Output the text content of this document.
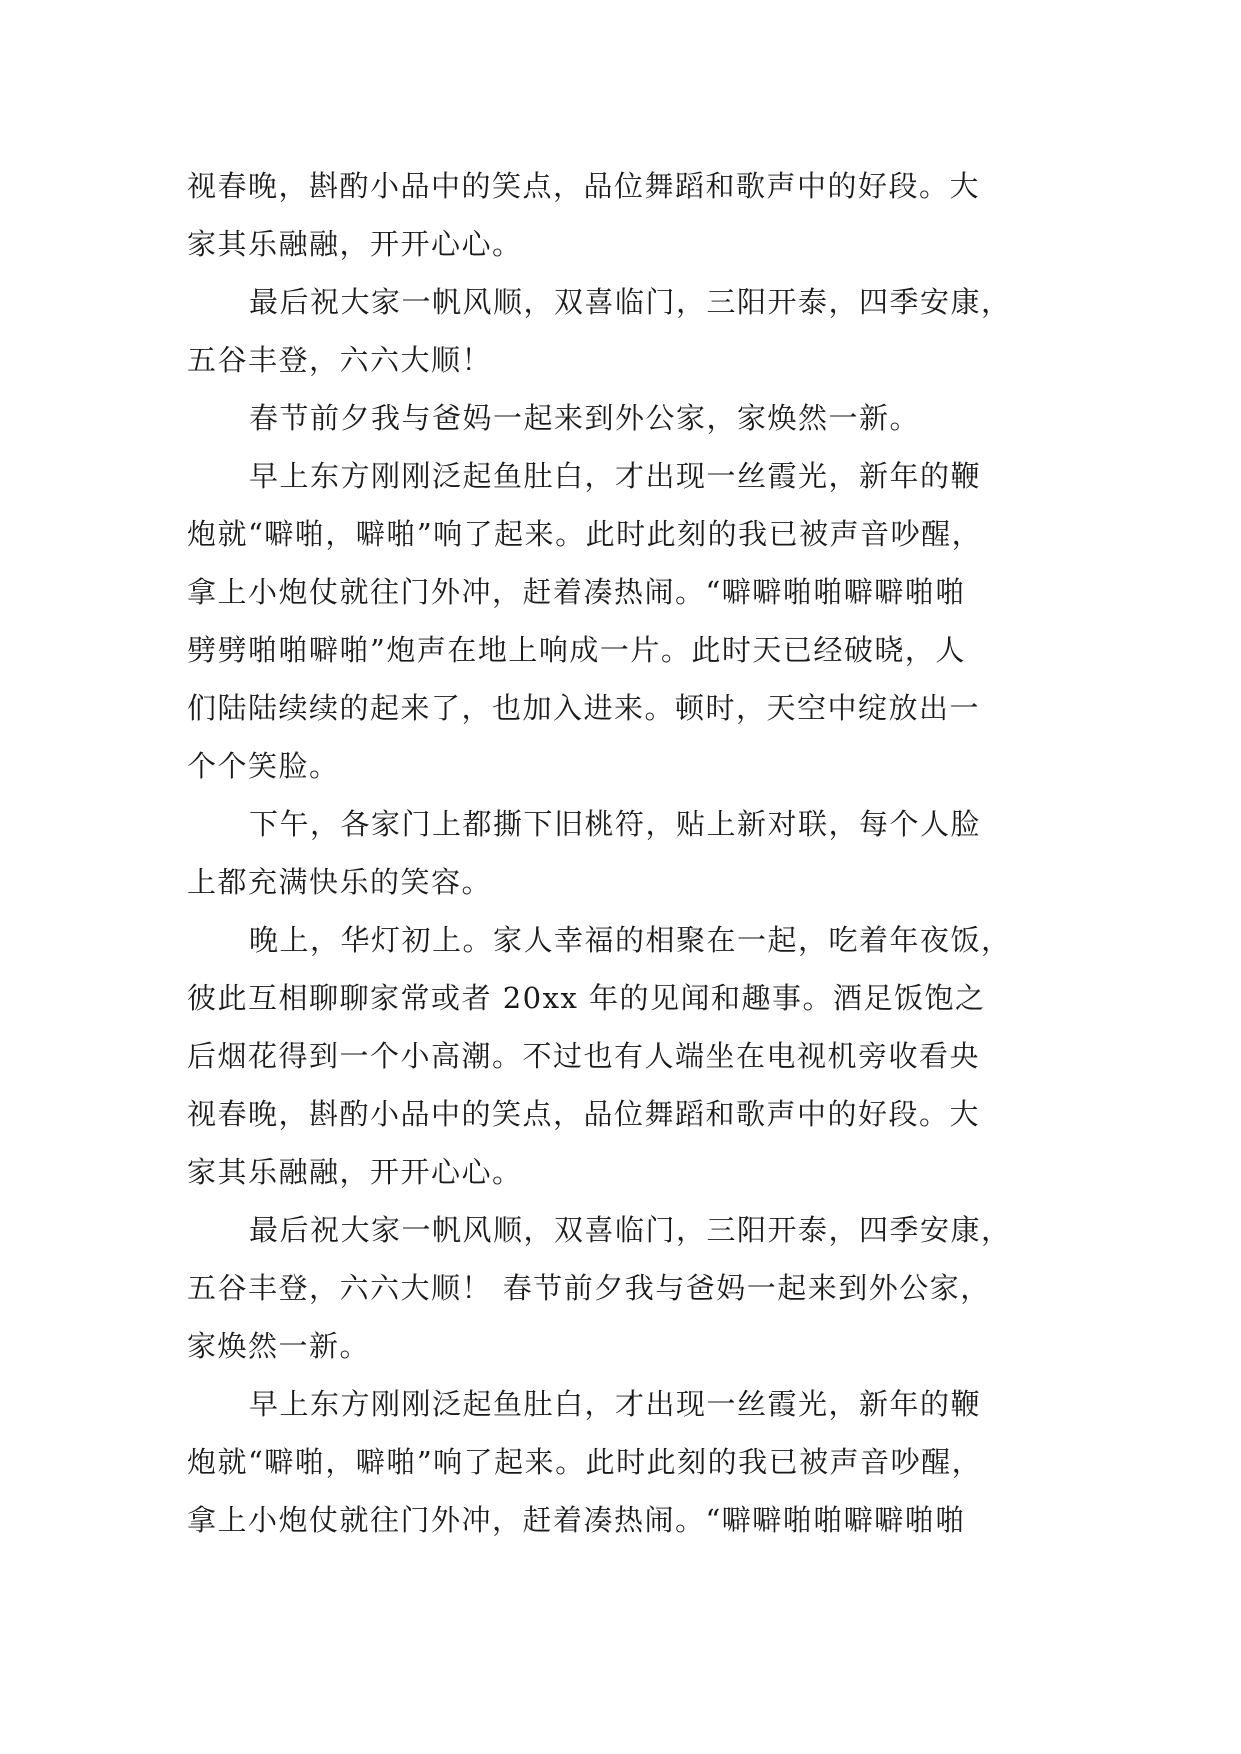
视春晚，斟酌小品中的笑点，品位舞蹈和歌声中的好段。大
家其乐融融，开开心心。
最后祝大家一帆风顺，双喜临门，三阳开泰，四季安康，
五谷丰登，六六大顺！
春节前夕我与爸妈一起来到外公家，家焕然一新。
早上东方刚刚泛起鱼肚白，才出现一丝霞光，新年的鞭
炮就“噼啪，噼啪”响了起来。此时此刻的我已被声音吵醒，
拿上小炮仗就往门外冲，赶着凑热闹。“噼噼啪啪噼噼啪啪
劈劈啪啪噼啪”炮声在地上响成一片。此时天已经破晓，人
们陆陆续续的起来了，也加入进来。顿时，天空中绽放出一
个个笑脸。
下午，各家门上都撕下旧桃符，贴上新对联，每个人脸
上都充满快乐的笑容。
晚上，华灯初上。家人幸福的相聚在一起，吃着年夜饭，
彼此互相聊聊家常或者 20xx 年的见闻和趣事。酒足饭饱之
后烟花得到一个小高潮。不过也有人端坐在电视机旁收看央
视春晚，斟酌小品中的笑点，品位舞蹈和歌声中的好段。大
家其乐融融，开开心心。
最后祝大家一帆风顺，双喜临门，三阳开泰，四季安康，
五谷丰登，六六大顺！ 春节前夕我与爸妈一起来到外公家，
家焕然一新。
早上东方刚刚泛起鱼肚白，才出现一丝霞光，新年的鞭
炮就“噼啪，噼啪”响了起来。此时此刻的我已被声音吵醒，
拿上小炮仗就往门外冲，赶着凑热闹。“噼噼啪啪噼噼啪啪
